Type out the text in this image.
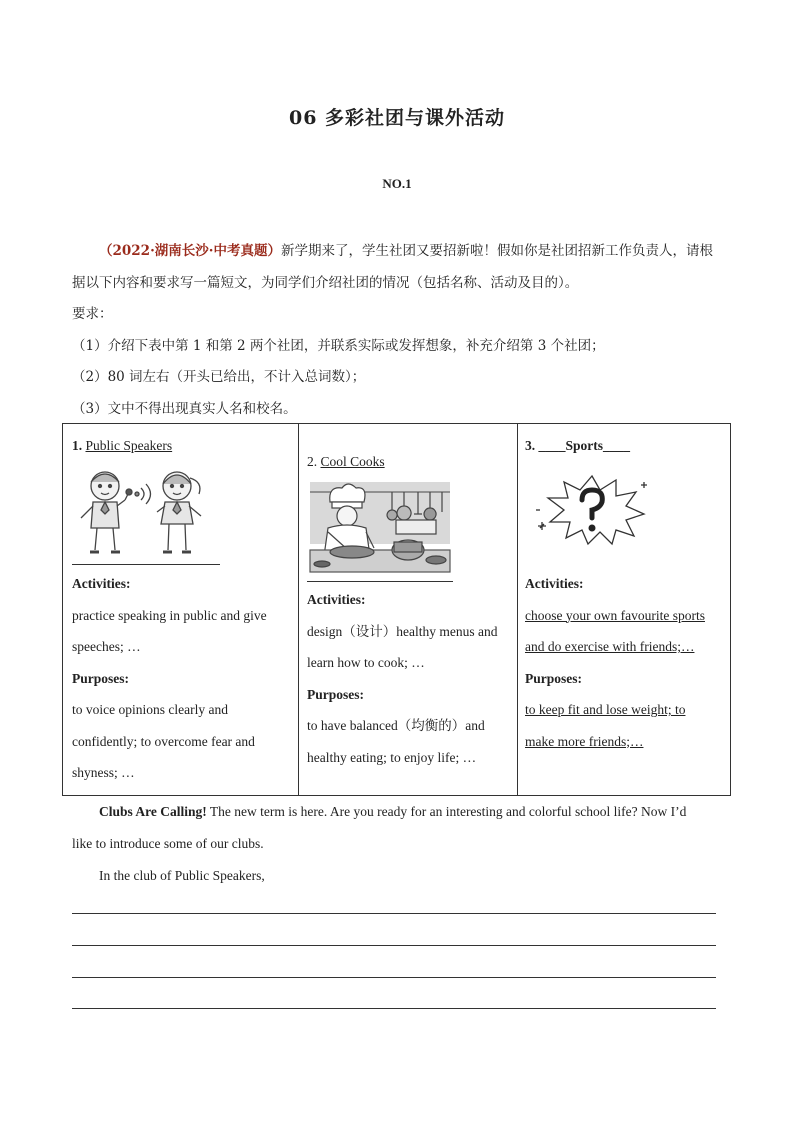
06 多彩社团与课外活动
NO.1

（2022·湖南长沙·中考真题）新学期来了，学生社团又要招新啦！假如你是社团招新工作负责人，请根

据以下内容和要求写一篇短文，为同学们介绍社团的情况（包括名称、活动及目的）。

要求：

（1）介绍下表中第 1 和第 2 两个社团，并联系实际或发挥想象，补充介绍第 3 个社团；

（2）80 词左右（开头已给出，不计入总词数）；

（3）文中不得出现真实人名和校名。

1. Public Speakers
Activities:
practice speaking in public and give
speeches; …
Purposes:
to voice opinions clearly and
confidently; to overcome fear and
shyness; …

2. Cool Cooks
Activities:
design（设计）healthy menus and
learn how to cook; …
Purposes:
to have balanced（均衡的）and
healthy eating; to enjoy life; …

3. ____Sports____
Activities:
choose your own favourite sports
and do exercise with friends;…
Purposes:
to keep fit and lose weight; to
make more friends;…

Clubs Are Calling! The new term is here. Are you ready for an interesting and colorful school life? Now I’d

like to introduce some of our clubs.

In the club of Public Speakers,
